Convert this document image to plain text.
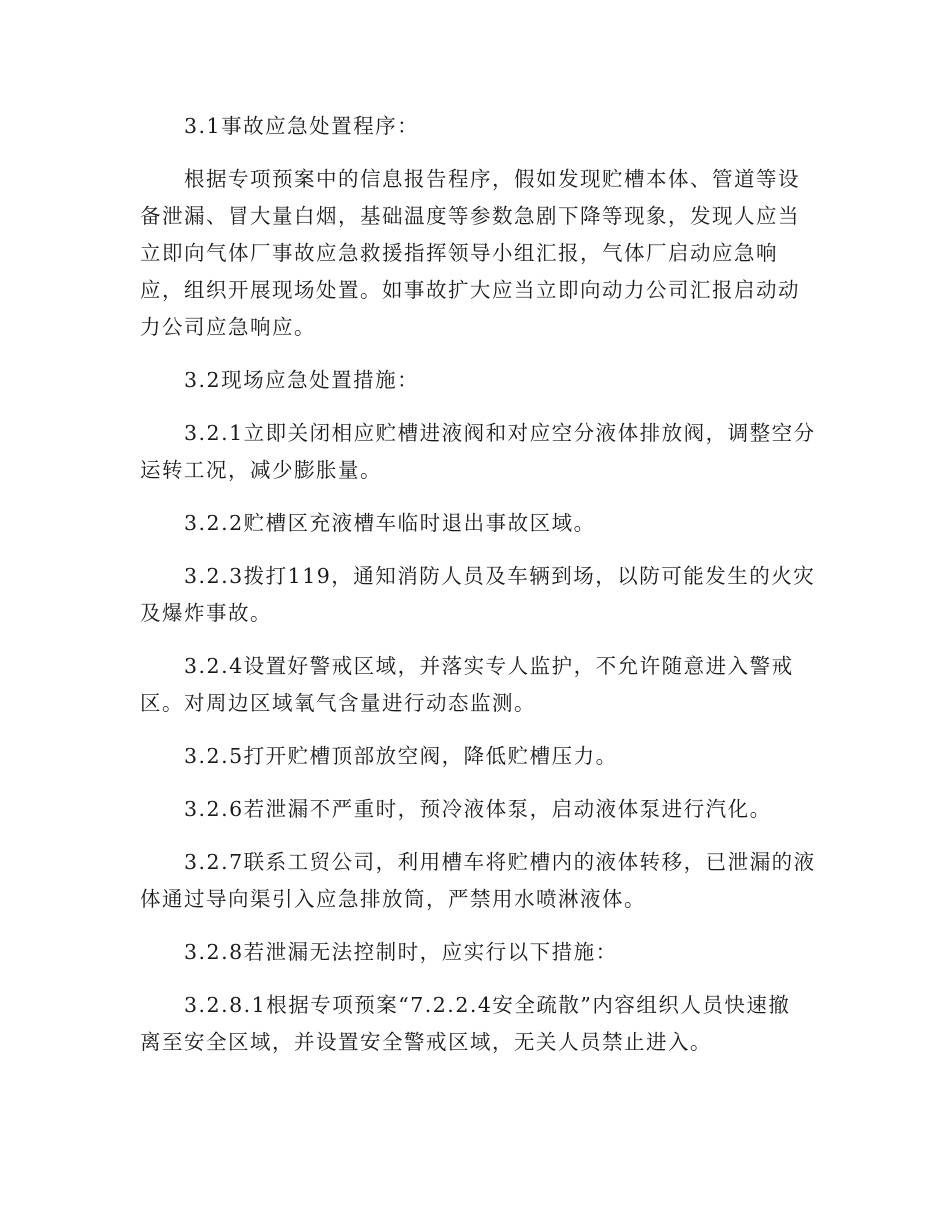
3.1事故应急处置程序：
根据专项预案中的信息报告程序，假如发现贮槽本体、管道等设
备泄漏、冒大量白烟，基础温度等参数急剧下降等现象，发现人应当
立即向气体厂事故应急救援指挥领导小组汇报，气体厂启动应急响
应，组织开展现场处置。如事故扩大应当立即向动力公司汇报启动动
力公司应急响应。
3.2现场应急处置措施：
3.2.1立即关闭相应贮槽进液阀和对应空分液体排放阀，调整空分
运转工况，减少膨胀量。
3.2.2贮槽区充液槽车临时退出事故区域。
3.2.3拨打119，通知消防人员及车辆到场，以防可能发生的火灾
及爆炸事故。
3.2.4设置好警戒区域，并落实专人监护，不允许随意进入警戒
区。对周边区域氧气含量进行动态监测。
3.2.5打开贮槽顶部放空阀，降低贮槽压力。
3.2.6若泄漏不严重时，预冷液体泵，启动液体泵进行汽化。
3.2.7联系工贸公司，利用槽车将贮槽内的液体转移，已泄漏的液
体通过导向渠引入应急排放筒，严禁用水喷淋液体。
3.2.8若泄漏无法控制时，应实行以下措施：
3.2.8.1根据专项预案“7.2.2.4安全疏散”内容组织人员快速撤
离至安全区域，并设置安全警戒区域，无关人员禁止进入。
